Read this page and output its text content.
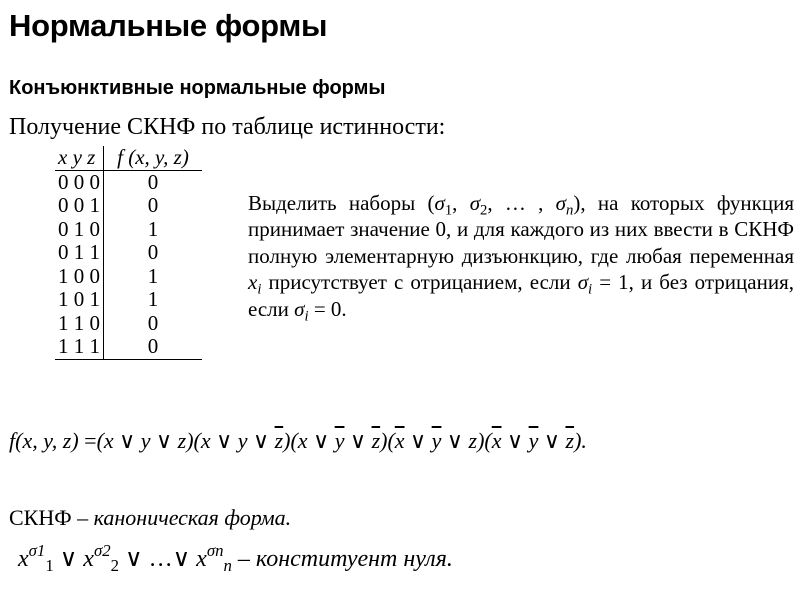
Нормальные формы
Конъюнктивные нормальные формы
Получение СКНФ по таблице истинности:
x y z	f (x, y, z)
0 0 0	0
0 0 1	0
0 1 0	1
0 1 1	0
1 0 0	1
1 0 1	1
1 1 0	0
1 1 1	0
Выделить наборы ($\sigma_1$, $\sigma_2$, … , $\sigma_n$), на которых функция принимает значение 0, и для каждого из них ввести в СКНФ полную элементарную дизъюнкцию, где любая переменная $x_i$ присутствует с отрицанием, если $\sigma_i = 1$, и без отрицания, если $\sigma_i = 0$.
f(x, y, z) =(x ∨ y ∨ z)(x ∨ y ∨ $\overline{z})(x$ ∨ $\overline{y}$ ∨ $\overline{z})(\overline{x}$ ∨ $\overline{y}$ ∨ $z)(\overline{x}$ ∨ $\overline{y}$ ∨ $\overline{z}$).
СКНФ – каноническая форма.
$x^{\sigma 1}_1$ ∨ $x^{\sigma 2}_2$ ∨ …∨ $x^{\sigma n}_n$ – конституент нуля.
